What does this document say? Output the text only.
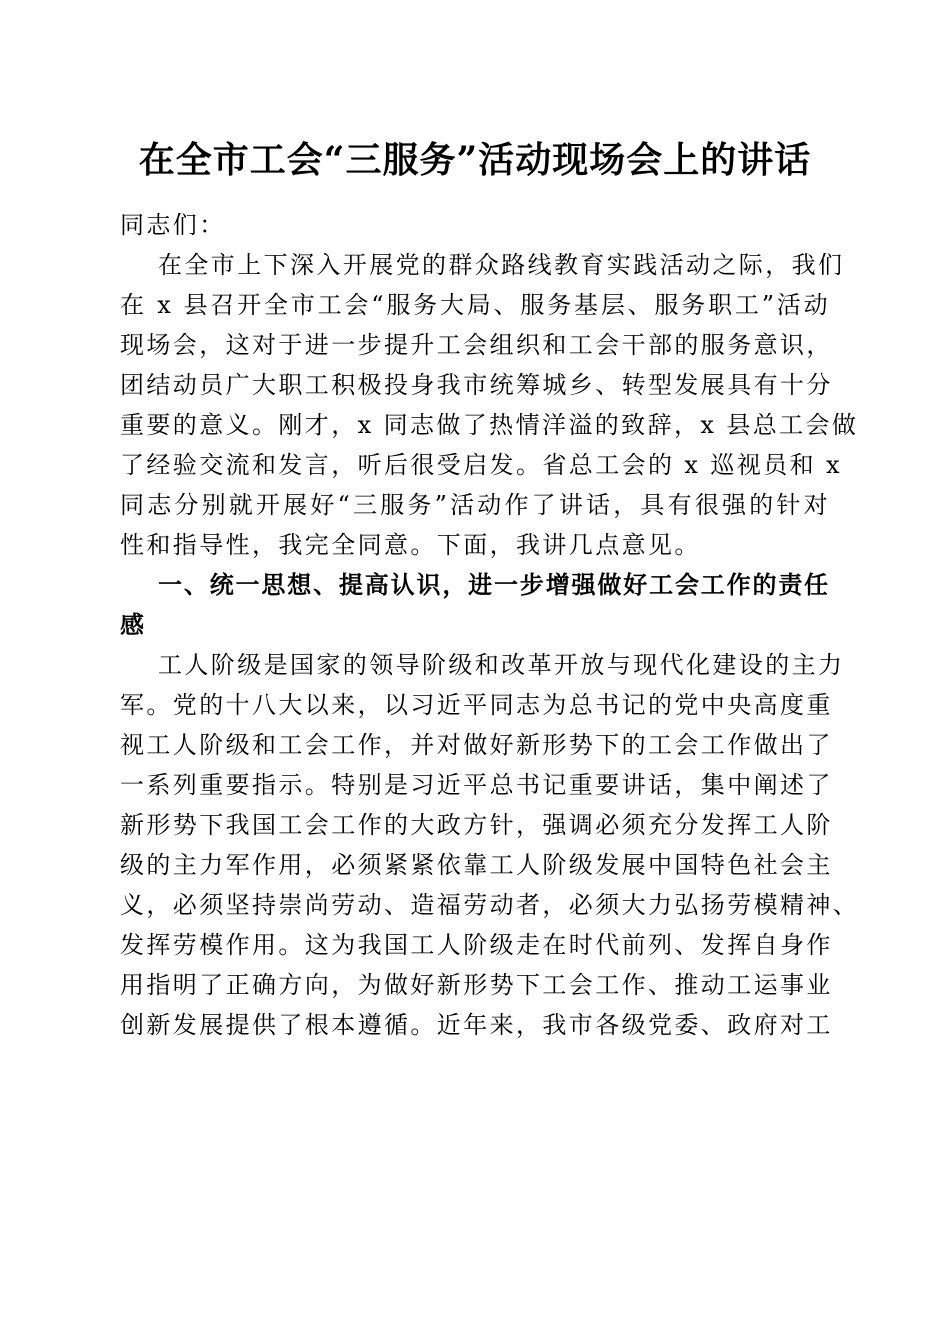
在全市工会“三服务”活动现场会上的讲话

同志们：

在全市上下深入开展党的群众路线教育实践活动之际，我们

在 x 县召开全市工会“服务大局、服务基层、服务职工”活动

现场会，这对于进一步提升工会组织和工会干部的服务意识，

团结动员广大职工积极投身我市统筹城乡、转型发展具有十分

重要的意义。刚才，x 同志做了热情洋溢的致辞，x 县总工会做

了经验交流和发言，听后很受启发。省总工会的 x 巡视员和 x

同志分别就开展好“三服务”活动作了讲话，具有很强的针对

性和指导性，我完全同意。下面，我讲几点意见。

一、统一思想、提高认识，进一步增强做好工会工作的责任

感

工人阶级是国家的领导阶级和改革开放与现代化建设的主力

军。党的十八大以来，以习近平同志为总书记的党中央高度重

视工人阶级和工会工作，并对做好新形势下的工会工作做出了

一系列重要指示。特别是习近平总书记重要讲话，集中阐述了

新形势下我国工会工作的大政方针，强调必须充分发挥工人阶

级的主力军作用，必须紧紧依靠工人阶级发展中国特色社会主

义，必须坚持崇尚劳动、造福劳动者，必须大力弘扬劳模精神、

发挥劳模作用。这为我国工人阶级走在时代前列、发挥自身作

用指明了正确方向，为做好新形势下工会工作、推动工运事业

创新发展提供了根本遵循。近年来，我市各级党委、政府对工
